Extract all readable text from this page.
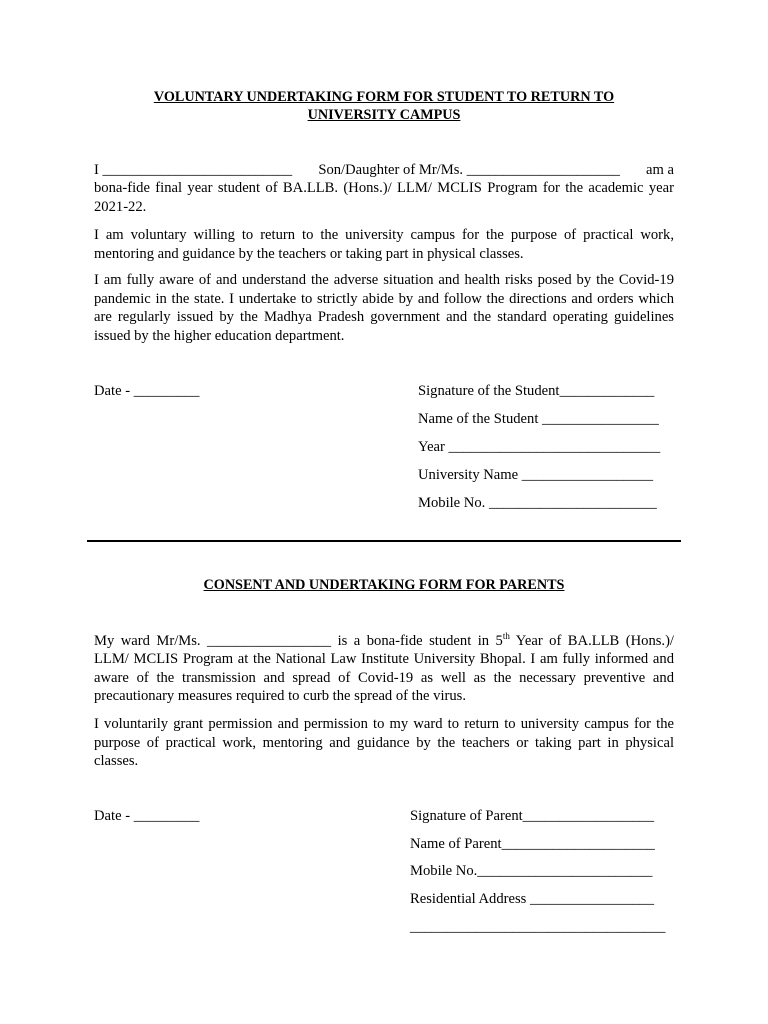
VOLUNTARY UNDERTAKING FORM FOR STUDENT TO RETURN TO
UNIVERSITY CAMPUS
I __________________________ Son/Daughter of Mr/Ms. _____________________ am a
bona-fide final year student of BA.LLB. (Hons.)/ LLM/ MCLIS Program for the academic year 2021-22.
I am voluntary willing to return to the university campus for the purpose of practical work, mentoring and guidance by the teachers or taking part in physical classes.
I am fully aware of and understand the adverse situation and health risks posed by the Covid-19 pandemic in the state. I undertake to strictly abide by and follow the directions and orders which are regularly issued by the Madhya Pradesh government and the standard operating guidelines issued by the higher education department.
Date - _________	Signature of the Student_____________
Name of the Student ________________
Year _____________________________
University Name __________________
Mobile No. _______________________
CONSENT AND UNDERTAKING FORM FOR PARENTS
My ward Mr/Ms. _________________ is a bona-fide student in 5th Year of BA.LLB (Hons.)/
LLM/ MCLIS Program at the National Law Institute University Bhopal. I am fully informed and aware of the transmission and spread of Covid-19 as well as the necessary preventive and precautionary measures required to curb the spread of the virus.
I voluntarily grant permission and permission to my ward to return to university campus for the purpose of practical work, mentoring and guidance by the teachers or taking part in physical classes.
Date - _________	Signature of Parent__________________
Name of Parent_____________________
Mobile No.________________________
Residential Address _________________
___________________________________
